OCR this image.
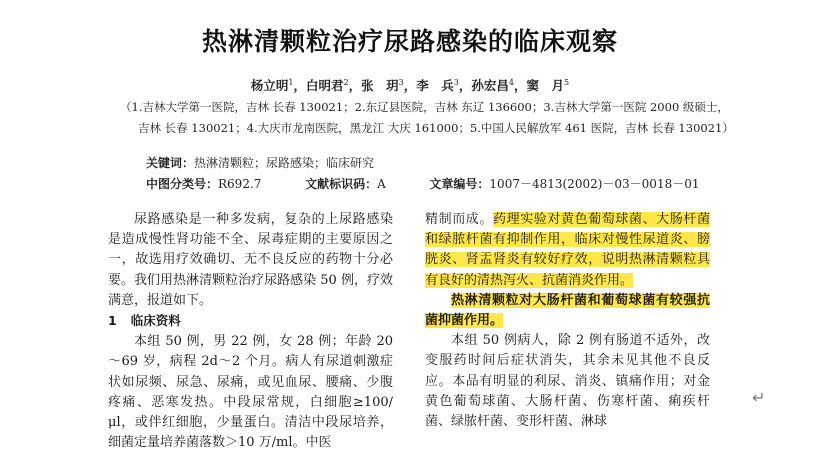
热淋清颗粒治疗尿路感染的临床观察
杨立明$^1$，白明君$^2$，张　玥$^3$，李　兵$^3$，孙宏昌$^4$，窦　月$^5$
（1.吉林大学第一医院，吉林 长春 130021；2.东辽县医院，吉林 东辽 136600；3.吉林大学第一医院 2000 级硕士，
吉林 长春 130021；4.大庆市龙南医院，黑龙江 大庆 161000；5.中国人民解放军 461 医院，吉林 长春 130021）
关键词：热淋清颗粒；尿路感染；临床研究
中图分类号：R692.7	文献标识码：A	文章编号：1007－4813(2002)－03－0018－01

尿路感染是一种多发病，复杂的上尿路感染是造成慢性肾功能不全、尿毒症期的主要原因之一，故选用疗效确切、无不良反应的药物十分必要。我们用热淋清颗粒治疗尿路感染 50 例，疗效满意，报道如下。

1 临床资料

本组 50 例，男 22 例，女 28 例；年龄 20～69 岁，病程 2d～2 个月。病人有尿道刺激症状如尿频、尿急、尿痛，或见血尿、腰痛、少腹疼痛、恶寒发热。中段尿常规，白细胞≥100/μl，或伴红细胞，少量蛋白。清洁中段尿培养，细菌定量培养菌落数＞10 万/ml。中医

精制而成。药理实验对黄色葡萄球菌、大肠杆菌和绿脓杆菌有抑制作用，临床对慢性尿道炎、膀胱炎、肾盂肾炎有较好疗效，说明热淋清颗粒具有良好的清热泻火、抗菌消炎作用。

热淋清颗粒对大肠杆菌和葡萄球菌有较强抗菌抑菌作用。

本组 50 例病人，除 2 例有肠道不适外，改变服药时间后症状消失，其余未见其他不良反应。本品有明显的利尿、消炎、镇痛作用；对金黄色葡萄球菌、大肠杆菌、伤寒杆菌、痢疾杆菌、绿脓杆菌、变形杆菌、淋球

↵
